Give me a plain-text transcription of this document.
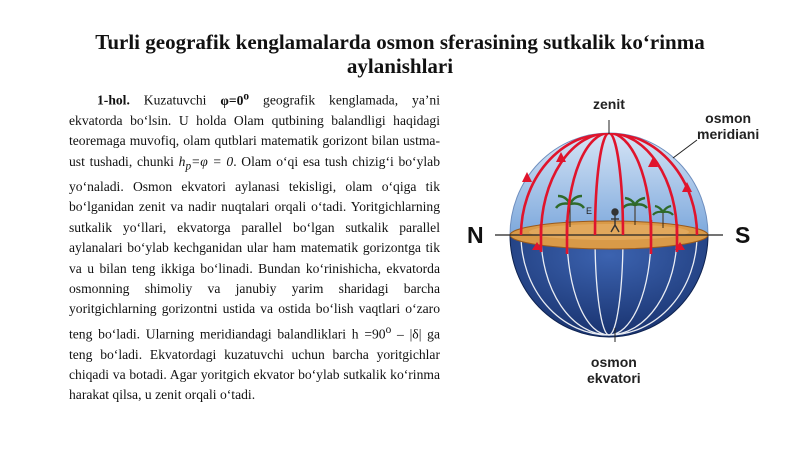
Turli geografik kenglamalarda osmon sferasining sutkalik ko‘rinma aylanishlari

1-hol. Kuzatuvchi $\varphi=0^o$ geografik kenglamada, ya’ni ekvatorda bo‘lsin. U holda Olam qutbining balandligi haqidagi teoremaga muvofiq, olam qutblari matematik gorizont bilan ustma-ust tushadi, chunki $h_p=\varphi = 0$. Olam o‘qi esa tush chizig‘i bo‘ylab yo‘naladi. Osmon ekvatori aylanasi tekisligi, olam o‘qiga tik bo‘lganidan zenit va nadir nuqtalari orqali o‘tadi. Yoritgichlarning sutkalik yo‘llari, ekvatorga parallel bo‘lgan sutkalik parallel aylanalari bo‘ylab kechganidan ular ham matematik gorizontga tik va u bilan teng ikkiga bo‘linadi. Bundan ko‘rinishicha, ekvatorda osmonning shimoliy va janubiy yarim sharidagi barcha yoritgichlarning gorizontni ustida va ostida bo‘lish vaqtlari o‘zaro teng bo‘ladi. Ularning meridiandagi balandliklari $h =90^o - |\delta|$ ga teng bo‘ladi. Ekvatordagi kuzatuvchi uchun barcha yoritgichlar chiqadi va botadi. Agar yoritgich ekvator bo‘ylab sutkalik ko‘rinma harakat qilsa, u zenit orqali o‘tadi.

zenit
osmon
meridiani
osmon
ekvatori
N	S
E
